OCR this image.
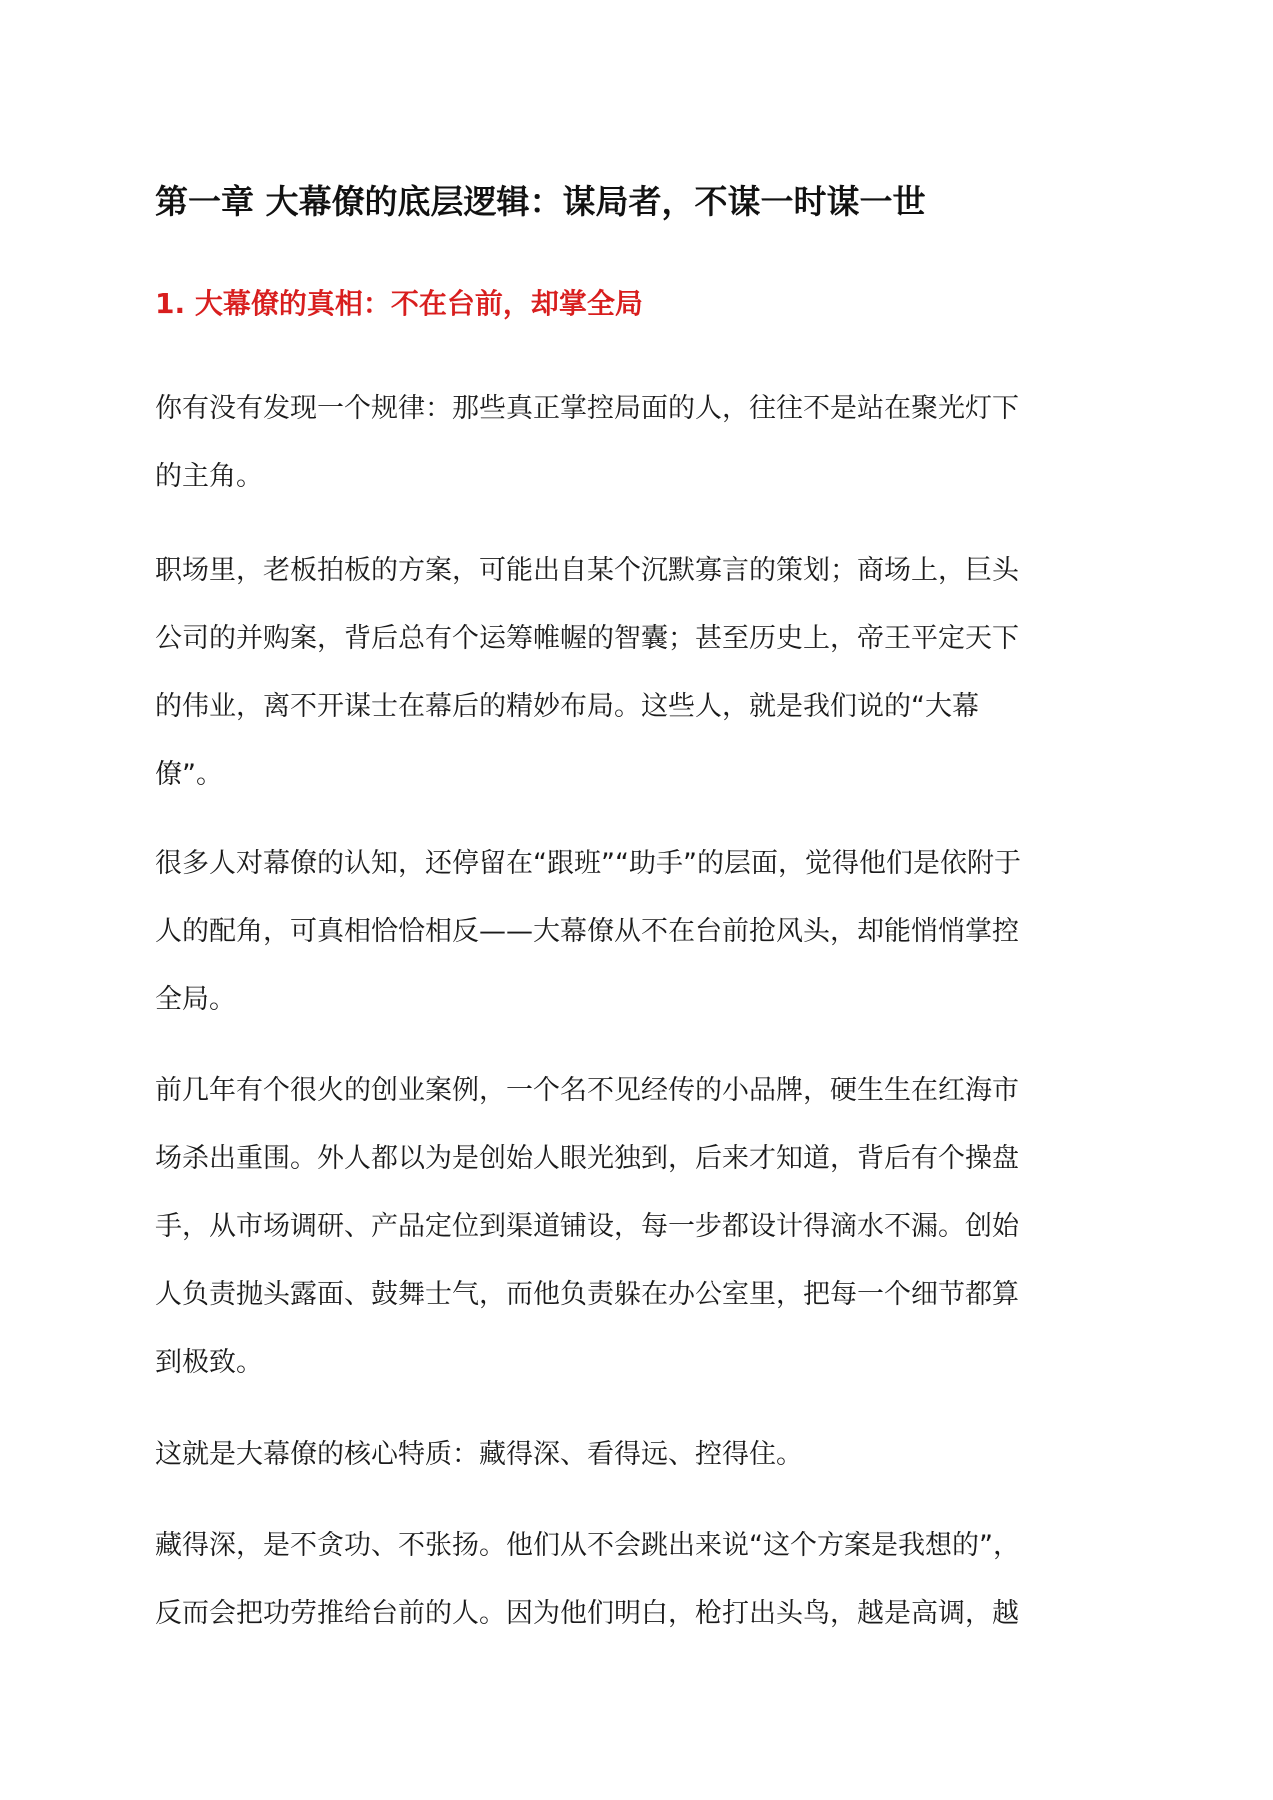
第一章 大幕僚的底层逻辑：谋局者，不谋一时谋一世
1. 大幕僚的真相：不在台前，却掌全局

你有没有发现一个规律：那些真正掌控局面的人，往往不是站在聚光灯下
的主角。

职场里，老板拍板的方案，可能出自某个沉默寡言的策划；商场上，巨头
公司的并购案，背后总有个运筹帷幄的智囊；甚至历史上，帝王平定天下
的伟业，离不开谋士在幕后的精妙布局。这些人，就是我们说的“大幕
僚”。

很多人对幕僚的认知，还停留在“跟班”“助手”的层面，觉得他们是依附于
人的配角，可真相恰恰相反——大幕僚从不在台前抢风头，却能悄悄掌控
全局。

前几年有个很火的创业案例，一个名不见经传的小品牌，硬生生在红海市
场杀出重围。外人都以为是创始人眼光独到，后来才知道，背后有个操盘
手，从市场调研、产品定位到渠道铺设，每一步都设计得滴水不漏。创始
人负责抛头露面、鼓舞士气，而他负责躲在办公室里，把每一个细节都算
到极致。

这就是大幕僚的核心特质：藏得深、看得远、控得住。

藏得深，是不贪功、不张扬。他们从不会跳出来说“这个方案是我想的”，
反而会把功劳推给台前的人。因为他们明白，枪打出头鸟，越是高调，越
